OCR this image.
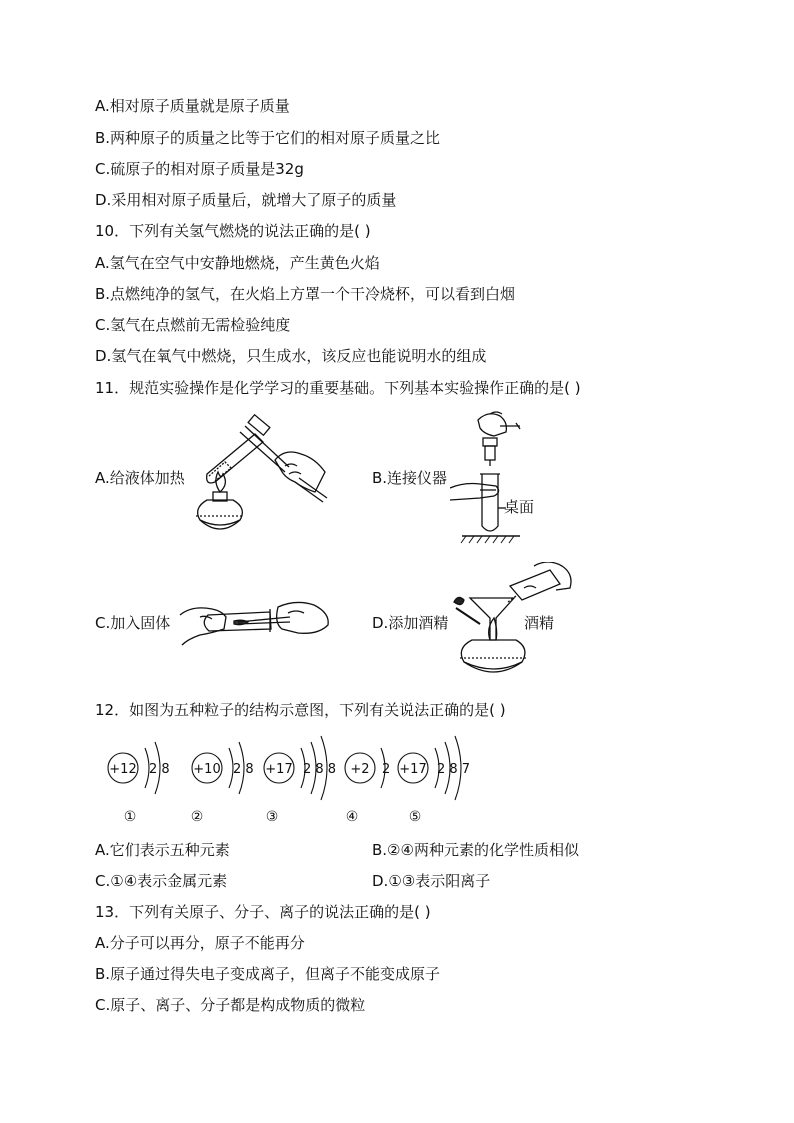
A.相对原子质量就是原子质量
B.两种原子的质量之比等于它们的相对原子质量之比
C.硫原子的相对原子质量是32g
D.采用相对原子质量后，就增大了原子的质量
10．下列有关氢气燃烧的说法正确的是( )
A.氢气在空气中安静地燃烧，产生黄色火焰
B.点燃纯净的氢气，在火焰上方罩一个干冷烧杯，可以看到白烟
C.氢气在点燃前无需检验纯度
D.氢气在氧气中燃烧，只生成水，该反应也能说明水的组成
11．规范实验操作是化学学习的重要基础。下列基本实验操作正确的是( )
A.给液体加热	B.连接仪器
桌面
C.加入固体	D.添加酒精	酒精
12．如图为五种粒子的结构示意图，下列有关说法正确的是( )
+12 2 8 +10 2 8 +17 2 8 8 +2 2 +17 2 8 7
①	②	③	④	⑤
A.它们表示五种元素	B.②④两种元素的化学性质相似
C.①④表示金属元素	D.①③表示阳离子
13．下列有关原子、分子、离子的说法正确的是( )
A.分子可以再分，原子不能再分
B.原子通过得失电子变成离子，但离子不能变成原子
C.原子、离子、分子都是构成物质的微粒
